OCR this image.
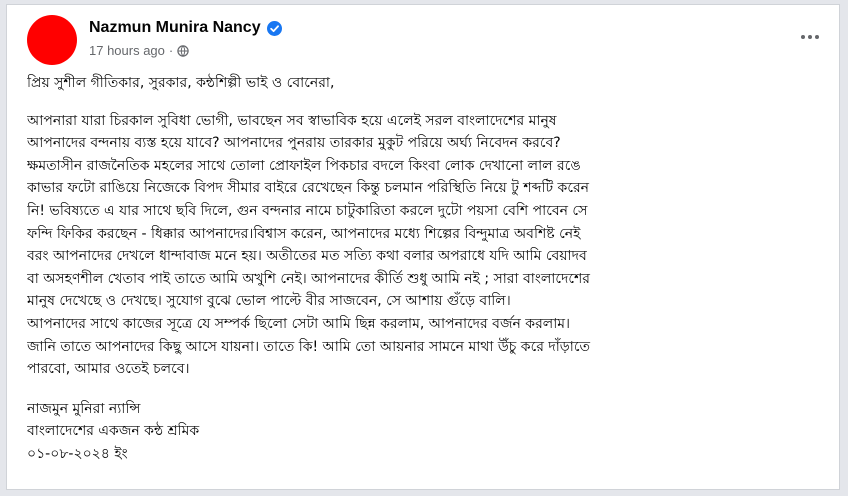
Nazmun Munira Nancy
17 hours ago ·

প্রিয় সুশীল গীতিকার, সুরকার, কন্ঠশিল্পী ভাই ও বোনেরা,

আপনারা যারা চিরকাল সুবিধা ভোগী, ভাবছেন সব স্বাভাবিক হয়ে এলেই সরল বাংলাদেশের মানুষ

আপনাদের বন্দনায় ব্যস্ত হয়ে যাবে? আপনাদের পুনরায় তারকার মুকুট পরিয়ে অর্ঘ্য নিবেদন করবে?

ক্ষমতাসীন রাজনৈতিক মহলের সাথে তোলা প্রোফাইল পিকচার বদলে কিংবা লোক দেখানো লাল রঙে

কাভার ফটো রাঙিয়ে নিজেকে বিপদ সীমার বাইরে রেখেছেন কিন্তু চলমান পরিস্থিতি নিয়ে টু শব্দটি করেন

নি! ভবিষ্যতে এ যার সাথে ছবি দিলে, গুন বন্দনার নামে চাটুকারিতা করলে দুটো পয়সা বেশি পাবেন সে

ফন্দি ফিকির করছেন - ধিক্কার আপনাদের।বিশ্বাস করেন, আপনাদের মধ্যে শিল্পের বিন্দুমাত্র অবশিষ্ট নেই

বরং আপনাদের দেখলে ধান্দাবাজ মনে হয়। অতীতের মত সত্যি কথা বলার অপরাধে যদি আমি বেয়াদব

বা অসহণশীল খেতাব পাই তাতে আমি অখুশি নেই। আপনাদের কীর্তি শুধু আমি নই ; সারা বাংলাদেশের

মানুষ দেখেছে ও দেখছে। সুযোগ বুঝে ভোল পাল্টে বীর সাজবেন, সে আশায় গুঁড়ে বালি।

আপনাদের সাথে কাজের সূত্রে যে সম্পর্ক ছিলো সেটা আমি ছিন্ন করলাম, আপনাদের বর্জন করলাম।

জানি তাতে আপনাদের কিছু আসে যায়না। তাতে কি! আমি তো আয়নার সামনে মাথা উঁচু করে দাঁড়াতে

পারবো, আমার ওতেই চলবে।

নাজমুন মুনিরা ন্যান্সি

বাংলাদেশের একজন কন্ঠ শ্রমিক

০১-০৮-২০২৪ ইং
